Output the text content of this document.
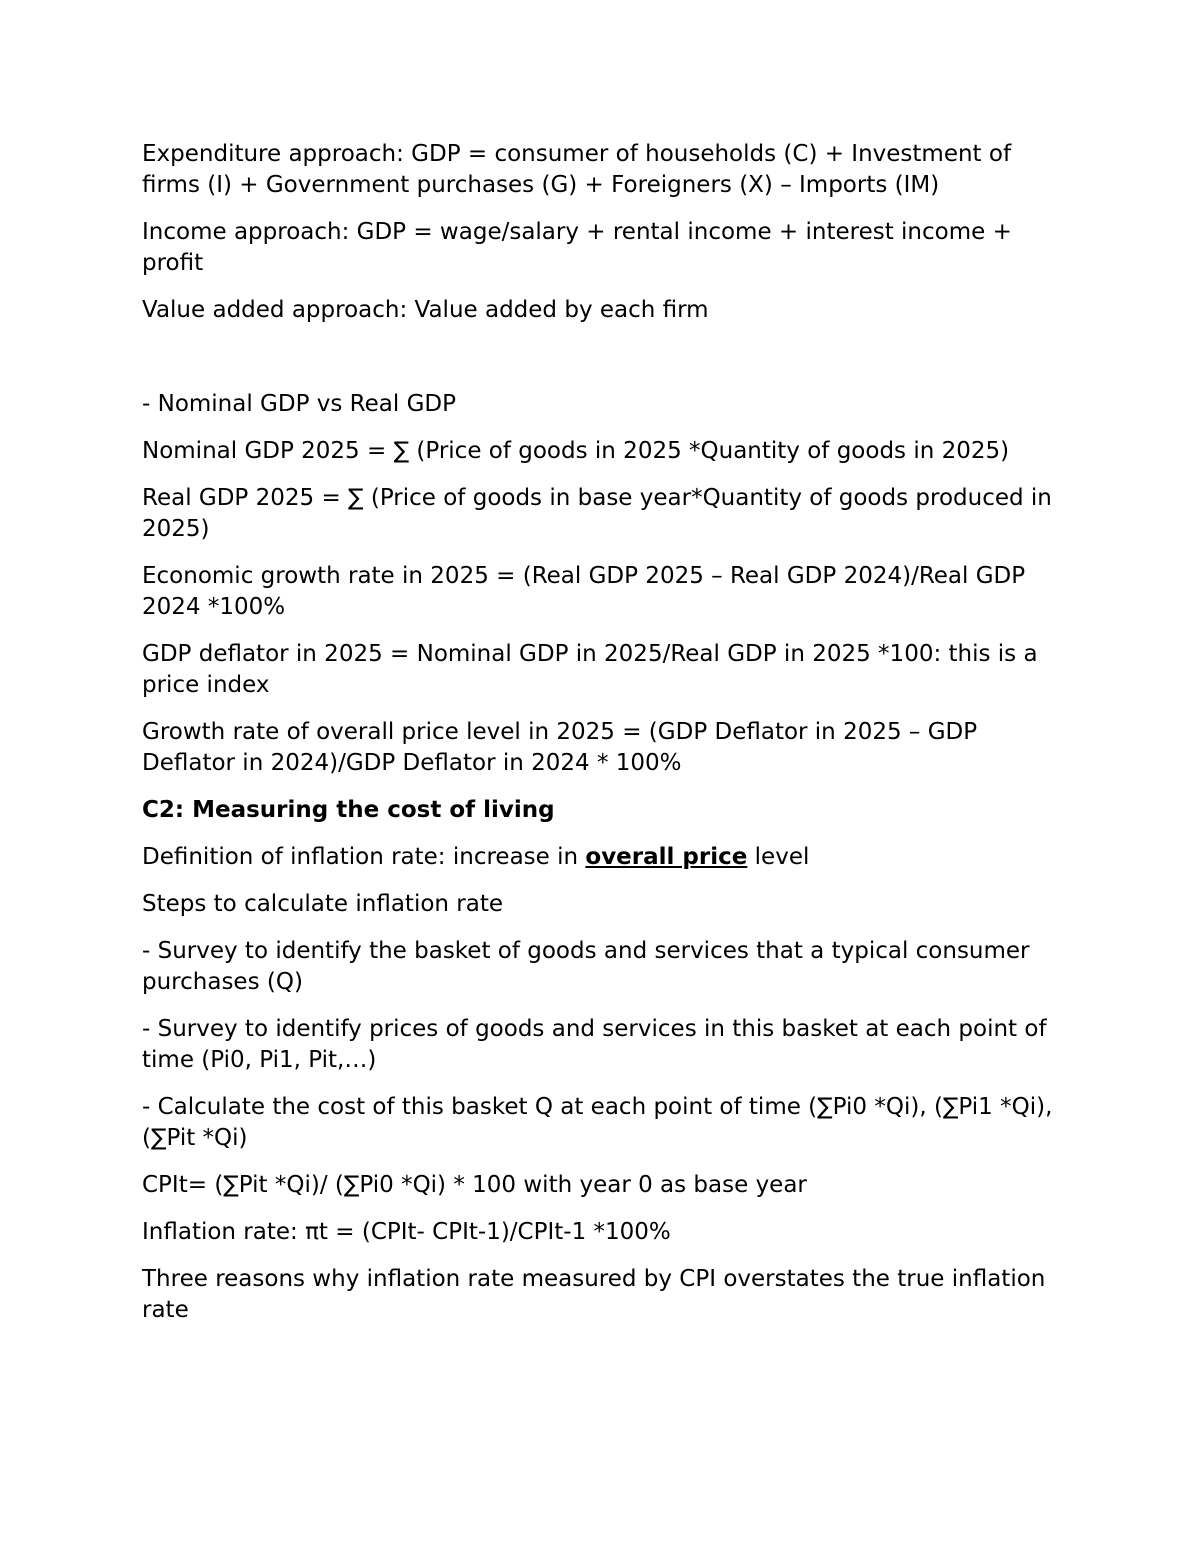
Expenditure approach: GDP = consumer of households (C) + Investment of firms (I) + Government purchases (G) + Foreigners (X) – Imports (IM)

Income approach: GDP = wage/salary + rental income + interest income + profit

Value added approach: Value added by each firm

- Nominal GDP vs Real GDP

Nominal GDP 2025 = ∑ (Price of goods in 2025 *Quantity of goods in 2025)

Real GDP 2025 = ∑ (Price of goods in base year*Quantity of goods produced in 2025)

Economic growth rate in 2025 = (Real GDP 2025 – Real GDP 2024)/Real GDP 2024 *100%

GDP deflator in 2025 = Nominal GDP in 2025/Real GDP in 2025 *100: this is a price index

Growth rate of overall price level in 2025 = (GDP Deflator in 2025 – GDP Deflator in 2024)/GDP Deflator in 2024 * 100%

C2: Measuring the cost of living

Definition of inflation rate: increase in overall price level

Steps to calculate inflation rate

- Survey to identify the basket of goods and services that a typical consumer purchases (Q)

- Survey to identify prices of goods and services in this basket at each point of time (Pi0, Pi1, Pit,…)

- Calculate the cost of this basket Q at each point of time (∑Pi0 *Qi), (∑Pi1 *Qi), (∑Pit *Qi)

CPIt= (∑Pit *Qi)/ (∑Pi0 *Qi) * 100 with year 0 as base year

Inflation rate: πt = (CPIt- CPIt-1)/CPIt-1 *100%

Three reasons why inflation rate measured by CPI overstates the true inflation rate
